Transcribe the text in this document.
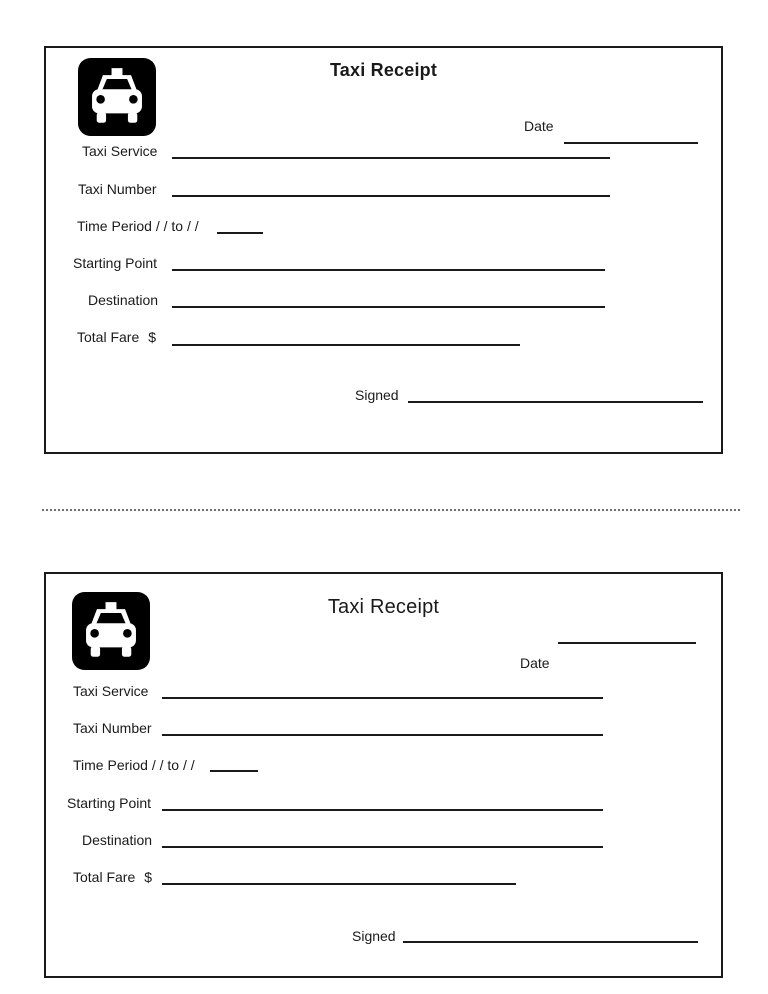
Taxi Receipt
Date
Taxi Service
Taxi Number
Time Period / / to / /
Starting Point
Destination
Total Fare $
Signed
Taxi Receipt
Date
Taxi Service
Taxi Number
Time Period / / to / /
Starting Point
Destination
Total Fare $
Signed
